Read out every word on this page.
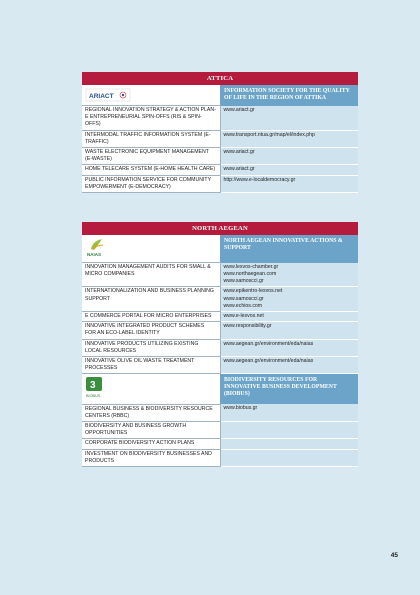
ATTICA
ARIACT	INFORMATION SOCIETY FOR THE QUALITY OF LIFE IN THE REGION OF ATTIKA
REGIONAL INNOVATION STRATEGY & ACTION PLAN-E ENTREPRENEURIAL SPIN-OFFS (RIS & SPIN-OFFS)	www.ariact.gr

INTERMODAL TRAFFIC INFORMATION SYSTEM (E-TRAFFIC)	www.transport.ntua.gr/map/el/index.php

WASTE ELECTRONIC EQUIPMENT MANAGEMENT (E-WASTE)	www.ariact.gr

HOME TELECARE SYSTEM (E-HOME HEALTH CARE)	www.ariact.gr

PUBLIC INFORMATION SERVICE FOR COMMUNITY EMPOWERMENT (E-DEMOCRACY)	http://www.e-localdemocracy.gr
NORTH AEGEAN
NAIAS	NORTH AEGEAN INNOVATIVE ACTIONS & SUPPORT
INNOVATION MANAGEMENT AUDITS FOR SMALL & MICRO COMPANIES	www.lesvos-chamber.gr
www.northaegean.com
www.samoscci.gr

INTERNATIONALIZATION AND BUSINESS PLANNING SUPPORT	www.epikentro-lesvos.net
www.samoscci.gr
www.echios.com

E COMMERCE PORTAL FOR MICRO ENTERPRISES	www.e-lesvos.net

INNOVATIVE INTEGRATED PRODUCT SCHEMES FOR AN ECO-LABEL IDENTITY	www.responsibility.gr

INNOVATIVE PRODUCTS UTILIZING EXISTING LOCAL RESOURCES	www.aegean.gr/environment/eda/naias

INNOVATIVE OLIVE OIL WASTE TREATMENT PROCESSES	www.aegean.gr/environment/eda/naias

3
BIOBUS	BIODIVERSITY RESOURCES FOR INNOVATIVE BUSINESS DEVELOPMENT (BIOBUS)
REGIONAL BUSINESS & BIODIVERSITY RESOURCE CENTERS (RBBC)	www.biobus.gr

BIODIVERSITY AND BUSINESS GROWTH OPPORTUNITIES	
CORPORATE BIODIVERSITY ACTION PLANS	
INVESTMENT ON BIODIVERSITY BUSINESSES AND PRODUCTS	
45
